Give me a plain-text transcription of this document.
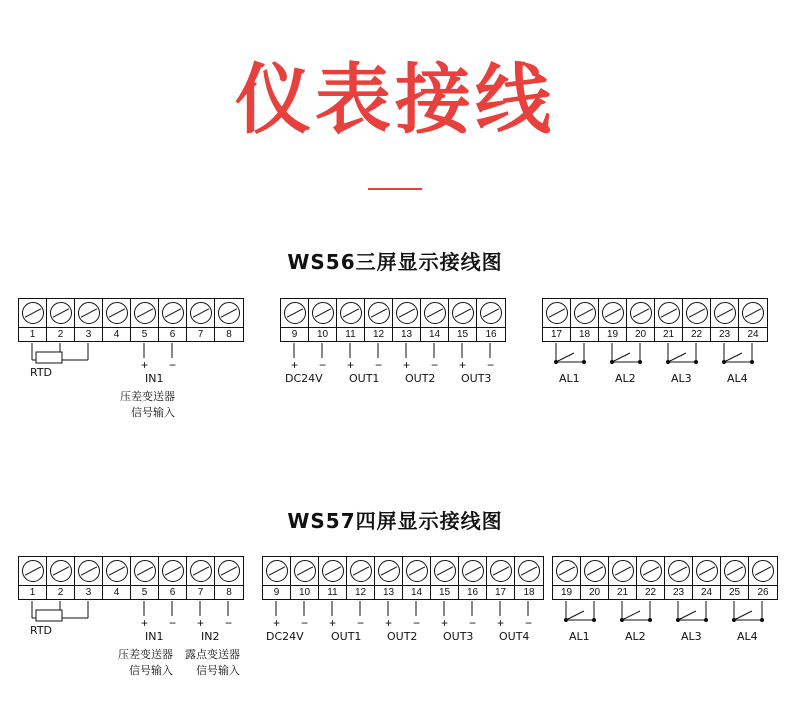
仪表接线
WS56三屏显示接线图
1	2	3	4	5	6	7	8
RTD
+ −
IN1
压差变送器
信号输入
9	10	11	12	13	14	15	16
+ − + − + − + −
DC24V OUT1 OUT2 OUT3
17	18	19	20	21	22	23	24
AL1	AL2	AL3	AL4
WS57四屏显示接线图
1	2	3	4	5	6	7	8
RTD
+ − + −
IN1	IN2
压差变送器
信号输入
露点变送器
信号输入
9	10	11	12	13	14	15	16	17	18
+ − + − + − + − + −
DC24V OUT1 OUT2 OUT3 OUT4
19	20	21	22	23	24	25	26
AL1	AL2	AL3	AL4
